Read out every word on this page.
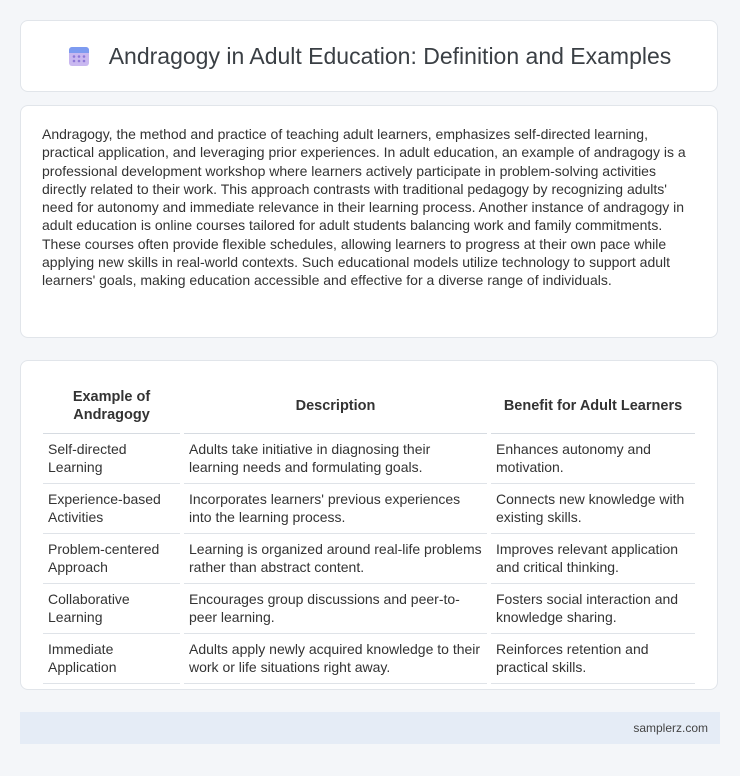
Andragogy in Adult Education: Definition and Examples

Andragogy, the method and practice of teaching adult learners, emphasizes self-directed learning, practical application, and leveraging prior experiences. In adult education, an example of andragogy is a professional development workshop where learners actively participate in problem-solving activities directly related to their work. This approach contrasts with traditional pedagogy by recognizing adults' need for autonomy and immediate relevance in their learning process. Another instance of andragogy in adult education is online courses tailored for adult students balancing work and family commitments. These courses often provide flexible schedules, allowing learners to progress at their own pace while applying new skills in real-world contexts. Such educational models utilize technology to support adult learners' goals, making education accessible and effective for a diverse range of individuals.

Example of Andragogy	Description	Benefit for Adult Learners
Self-directed Learning	Adults take initiative in diagnosing their learning needs and formulating goals.	Enhances autonomy and motivation.
Experience-based Activities	Incorporates learners' previous experiences into the learning process.	Connects new knowledge with existing skills.
Problem-centered Approach	Learning is organized around real-life problems rather than abstract content.	Improves relevant application and critical thinking.
Collaborative Learning	Encourages group discussions and peer-to-peer learning.	Fosters social interaction and knowledge sharing.
Immediate Application	Adults apply newly acquired knowledge to their work or life situations right away.	Reinforces retention and practical skills.
samplerz.com
